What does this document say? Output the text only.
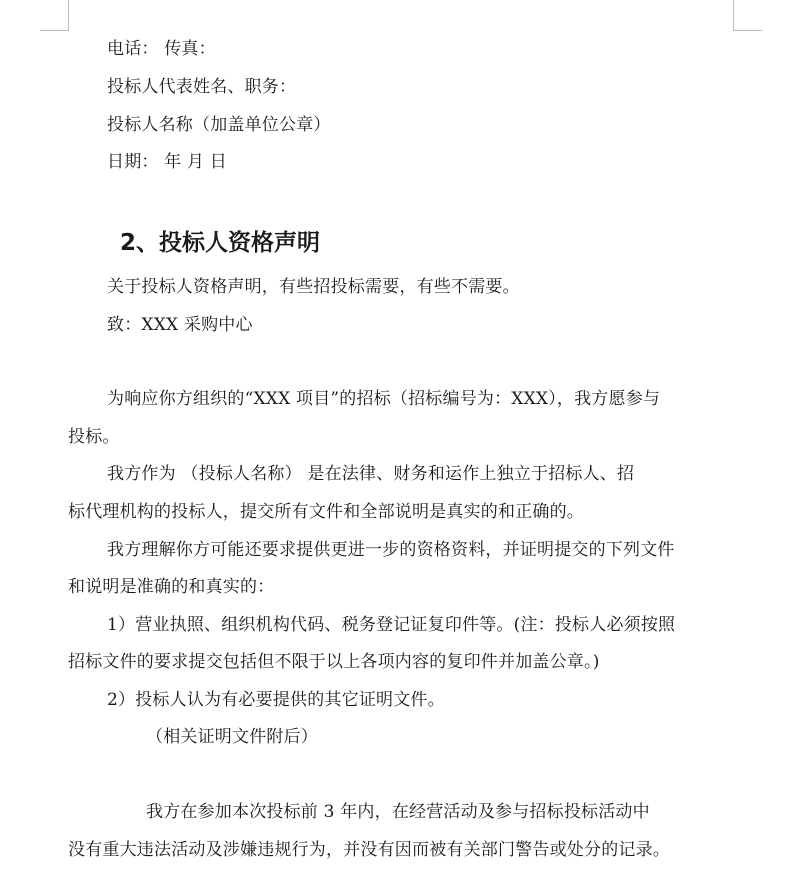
电话： 传真：
投标人代表姓名、职务：
投标人名称（加盖单位公章）
日期： 年 月 日
2、投标人资格声明
关于投标人资格声明，有些招投标需要，有些不需要。
致：XXX 采购中心
为响应你方组织的“XXX 项目”的招标（招标编号为：XXX），我方愿参与
投标。
我方作为 （投标人名称） 是在法律、财务和运作上独立于招标人、招
标代理机构的投标人，提交所有文件和全部说明是真实的和正确的。
我方理解你方可能还要求提供更进一步的资格资料，并证明提交的下列文件
和说明是准确的和真实的：
1）营业执照、组织机构代码、税务登记证复印件等。(注：投标人必须按照
招标文件的要求提交包括但不限于以上各项内容的复印件并加盖公章。)
2）投标人认为有必要提供的其它证明文件。
（相关证明文件附后）
我方在参加本次投标前 3 年内，在经营活动及参与招标投标活动中
没有重大违法活动及涉嫌违规行为，并没有因而被有关部门警告或处分的记录。
